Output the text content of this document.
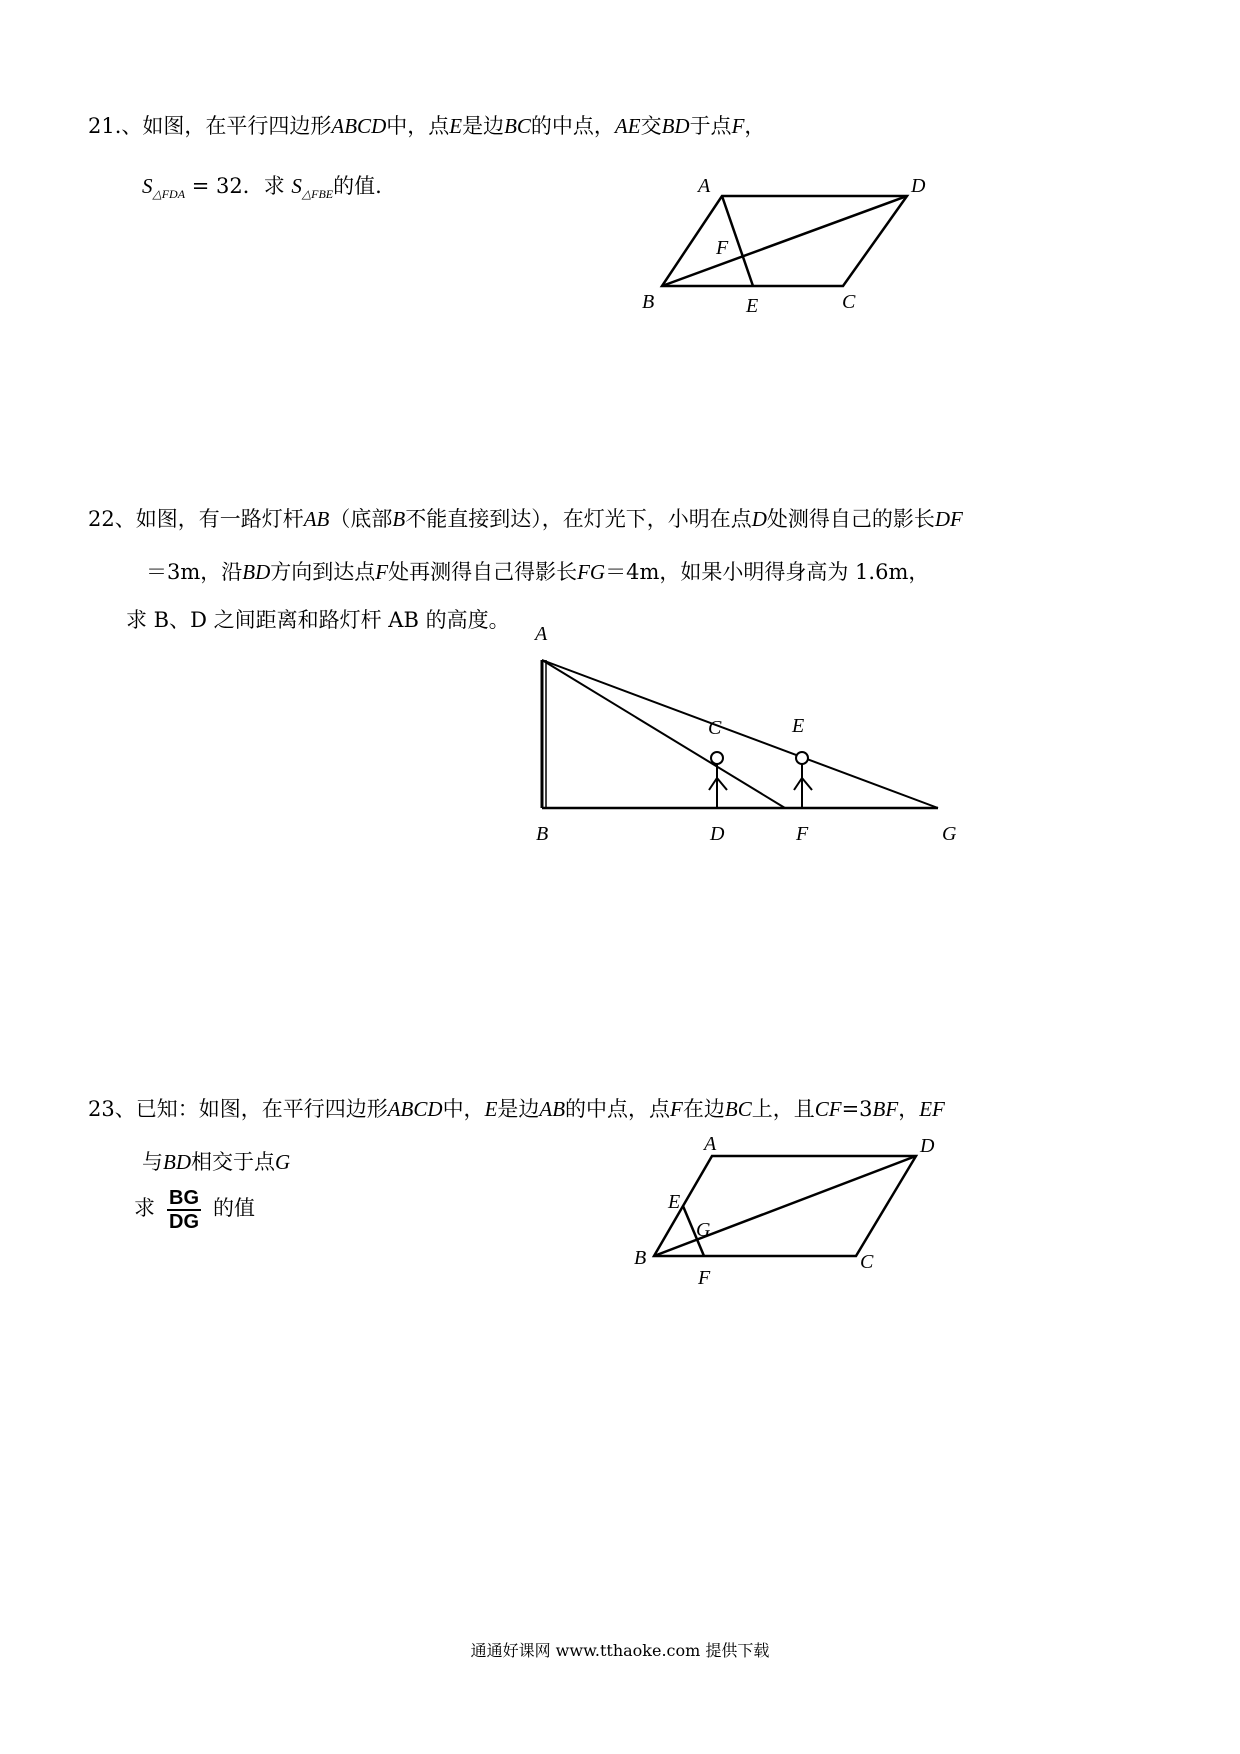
21.、如图，在平行四边形ABCD中，点E是边BC的中点，AE交BD于点F，
$S_{\triangle FDA} = 32$．求 $S_{\triangle FBE}$的值.	A	D
F
B	E	C
22、如图，有一路灯杆AB（底部B不能直接到达），在灯光下，小明在点D处测得自己的影长DF
＝3m，沿BD方向到达点F处再测得自己得影长FG＝4m，如果小明得身高为 1.6m，
求 B、D 之间距离和路灯杆 AB 的高度。
A
C	E
B	D	F	G
23、已知：如图，在平行四边形ABCD中，E是边AB的中点，点F在边BC上，且CF=3BF，EF
与BD相交于点G
求 $\frac{BG}{DG}$ 的值
A	D
E
G
B
F
C
通通好课网 www.tthaoke.com 提供下载
